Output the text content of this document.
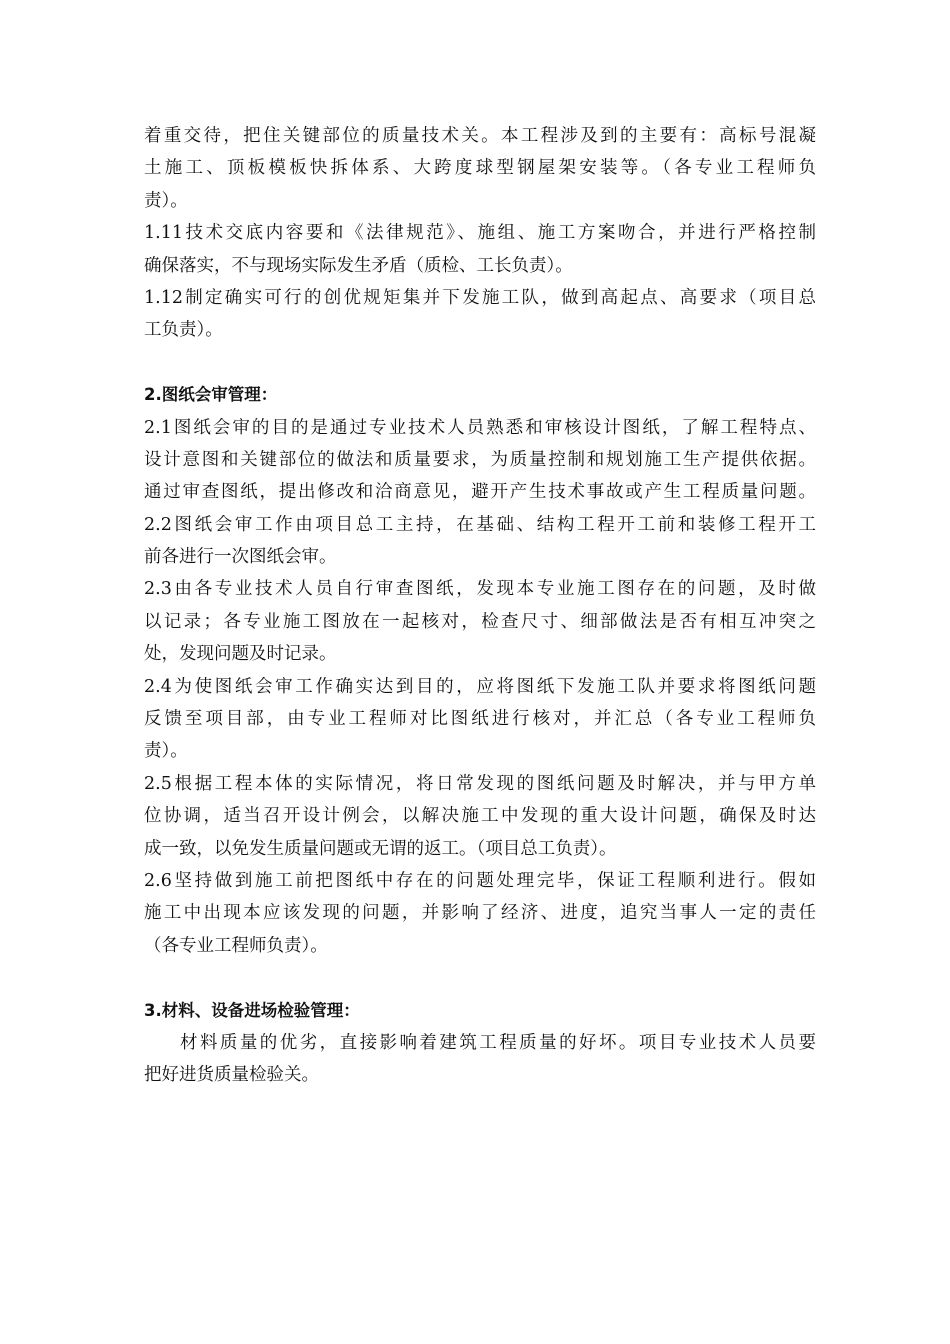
着重交待，把住关键部位的质量技术关。本工程涉及到的主要有：高标号混凝
土施工、顶板模板快拆体系、大跨度球型钢屋架安装等。（各专业工程师负
责）。
1.11技术交底内容要和《法律规范》、施组、施工方案吻合，并进行严格控制
确保落实，不与现场实际发生矛盾（质检、工长负责）。
1.12制定确实可行的创优规矩集并下发施工队，做到高起点、高要求（项目总
工负责）。
2.图纸会审管理：
2.1图纸会审的目的是通过专业技术人员熟悉和审核设计图纸，了解工程特点、
设计意图和关键部位的做法和质量要求，为质量控制和规划施工生产提供依据。
通过审查图纸，提出修改和洽商意见，避开产生技术事故或产生工程质量问题。
2.2图纸会审工作由项目总工主持，在基础、结构工程开工前和装修工程开工
前各进行一次图纸会审。
2.3由各专业技术人员自行审查图纸，发现本专业施工图存在的问题，及时做
以记录；各专业施工图放在一起核对，检查尺寸、细部做法是否有相互冲突之
处，发现问题及时记录。
2.4为使图纸会审工作确实达到目的，应将图纸下发施工队并要求将图纸问题
反馈至项目部，由专业工程师对比图纸进行核对，并汇总（各专业工程师负
责）。
2.5根据工程本体的实际情况，将日常发现的图纸问题及时解决，并与甲方单
位协调，适当召开设计例会，以解决施工中发现的重大设计问题，确保及时达
成一致，以免发生质量问题或无谓的返工。（项目总工负责）。
2.6坚持做到施工前把图纸中存在的问题处理完毕，保证工程顺利进行。假如
施工中出现本应该发现的问题，并影响了经济、进度，追究当事人一定的责任
（各专业工程师负责）。
3.材料、设备进场检验管理：
材料质量的优劣，直接影响着建筑工程质量的好坏。项目专业技术人员要
把好进货质量检验关。
